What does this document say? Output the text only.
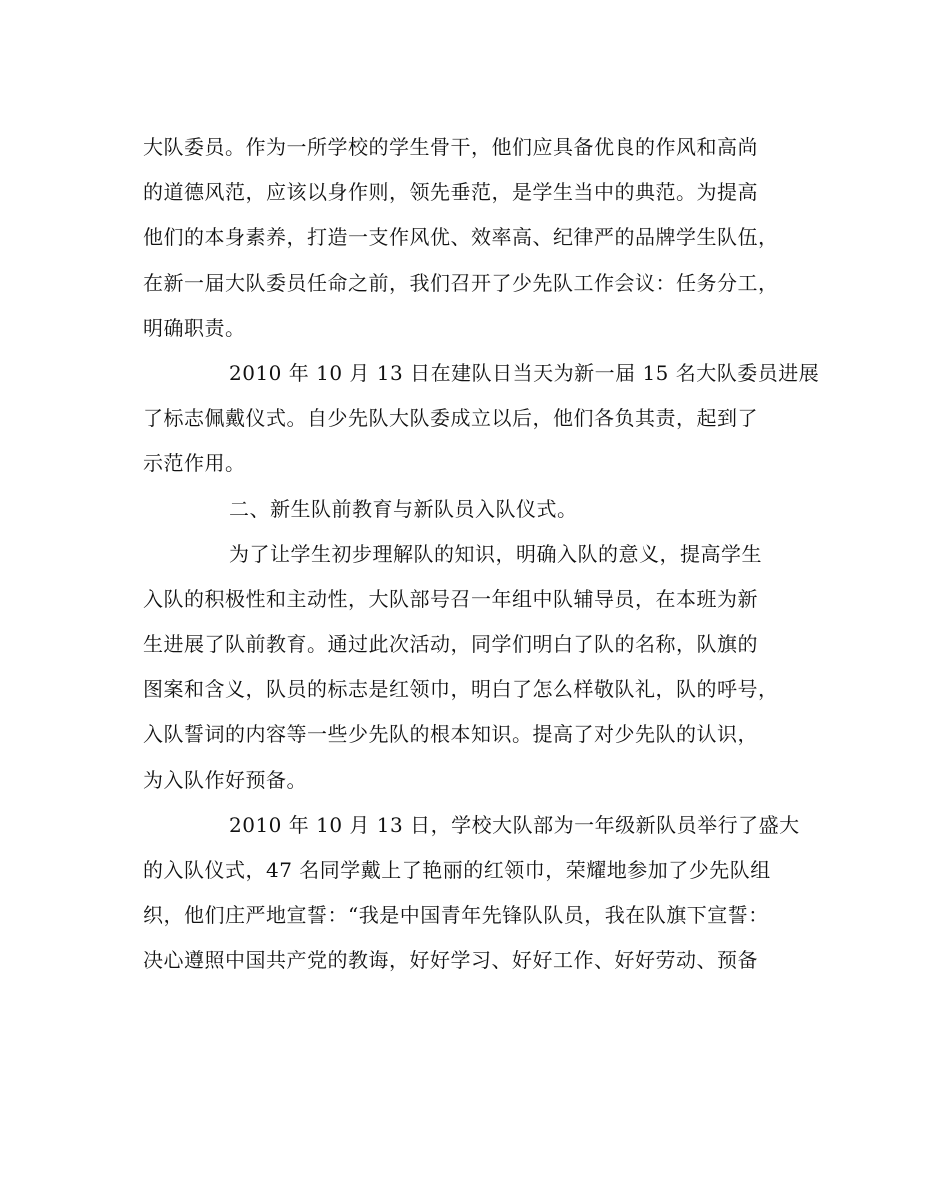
大队委员。作为一所学校的学生骨干，他们应具备优良的作风和高尚
的道德风范，应该以身作则，领先垂范，是学生当中的典范。为提高
他们的本身素养，打造一支作风优、效率高、纪律严的品牌学生队伍，
在新一届大队委员任命之前，我们召开了少先队工作会议：任务分工，
明确职责。
2010 年 10 月 13 日在建队日当天为新一届 15 名大队委员进展
了标志佩戴仪式。自少先队大队委成立以后，他们各负其责，起到了
示范作用。
二、新生队前教育与新队员入队仪式。
为了让学生初步理解队的知识，明确入队的意义，提高学生
入队的积极性和主动性，大队部号召一年组中队辅导员，在本班为新
生进展了队前教育。通过此次活动，同学们明白了队的名称，队旗的
图案和含义，队员的标志是红领巾，明白了怎么样敬队礼，队的呼号，
入队誓词的内容等一些少先队的根本知识。提高了对少先队的认识，
为入队作好预备。
2010 年 10 月 13 日，学校大队部为一年级新队员举行了盛大
的入队仪式，47 名同学戴上了艳丽的红领巾，荣耀地参加了少先队组
织，他们庄严地宣誓：“我是中国青年先锋队队员，我在队旗下宣誓：
决心遵照中国共产党的教诲，好好学习、好好工作、好好劳动、预备
